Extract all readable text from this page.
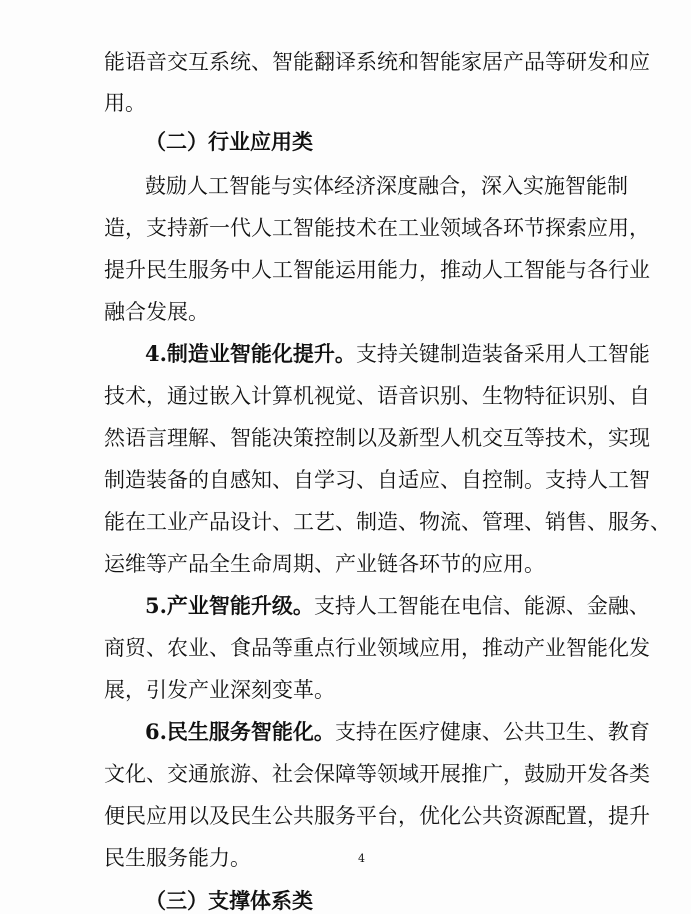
能语音交互系统、智能翻译系统和智能家居产品等研发和应
用。
（二）行业应用类
鼓励人工智能与实体经济深度融合，深入实施智能制
造，支持新一代人工智能技术在工业领域各环节探索应用，
提升民生服务中人工智能运用能力，推动人工智能与各行业
融合发展。
4.制造业智能化提升。支持关键制造装备采用人工智能
技术，通过嵌入计算机视觉、语音识别、生物特征识别、自
然语言理解、智能决策控制以及新型人机交互等技术，实现
制造装备的自感知、自学习、自适应、自控制。支持人工智
能在工业产品设计、工艺、制造、物流、管理、销售、服务、
运维等产品全生命周期、产业链各环节的应用。
5.产业智能升级。支持人工智能在电信、能源、金融、
商贸、农业、食品等重点行业领域应用，推动产业智能化发
展，引发产业深刻变革。
6.民生服务智能化。支持在医疗健康、公共卫生、教育
文化、交通旅游、社会保障等领域开展推广，鼓励开发各类
便民应用以及民生公共服务平台，优化公共资源配置，提升
民生服务能力。
（三）支撑体系类
4
